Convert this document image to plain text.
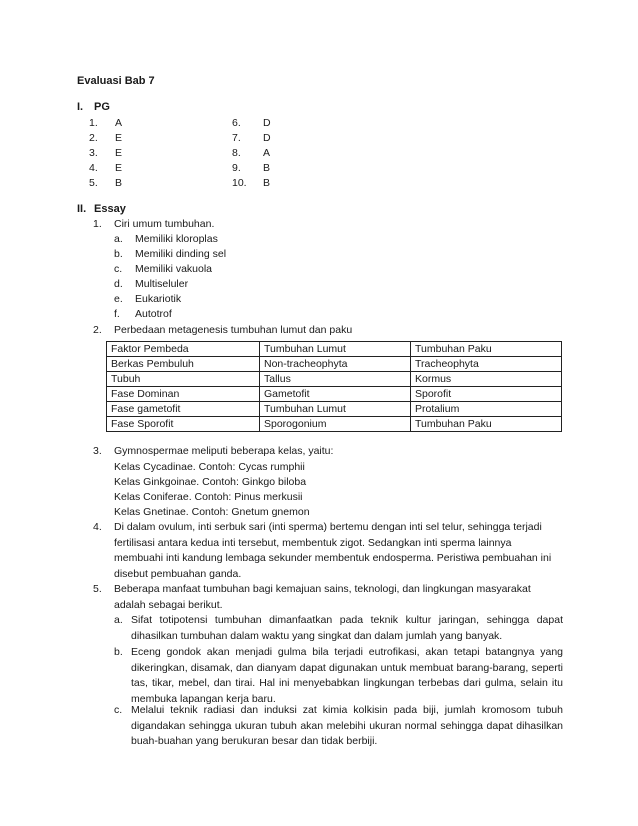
Evaluasi Bab 7
I. PG
1. A
2. E
3. E
4. E
5. B
6. D
7. D
8. A
9. B
10. B
II. Essay
1. Ciri umum tumbuhan.
a. Memiliki kloroplas
b. Memiliki dinding sel
c. Memiliki vakuola
d. Multiseluler
e. Eukariotik
f. Autotrof
2. Perbedaan metagenesis tumbuhan lumut dan paku
Faktor Pembeda	Tumbuhan Lumut	Tumbuhan Paku
Berkas Pembuluh	Non-tracheophyta	Tracheophyta
Tubuh	Tallus	Kormus
Fase Dominan	Gametofit	Sporofit
Fase gametofit	Tumbuhan Lumut	Protalium
Fase Sporofit	Sporogonium	Tumbuhan Paku
3. Gymnospermae meliputi beberapa kelas, yaitu:
Kelas Cycadinae. Contoh: Cycas rumphii
Kelas Ginkgoinae. Contoh: Ginkgo biloba
Kelas Coniferae. Contoh: Pinus merkusii
Kelas Gnetinae. Contoh: Gnetum gnemon
4. Di dalam ovulum, inti serbuk sari (inti sperma) bertemu dengan inti sel telur, sehingga terjadi fertilisasi antara kedua inti tersebut, membentuk zigot. Sedangkan inti sperma lainnya membuahi inti kandung lembaga sekunder membentuk endosperma. Peristiwa pembuahan ini disebut pembuahan ganda.
5. Beberapa manfaat tumbuhan bagi kemajuan sains, teknologi, dan lingkungan masyarakat adalah sebagai berikut.
a. Sifat totipotensi tumbuhan dimanfaatkan pada teknik kultur jaringan, sehingga dapat dihasilkan tumbuhan dalam waktu yang singkat dan dalam jumlah yang banyak.
b. Eceng gondok akan menjadi gulma bila terjadi eutrofikasi, akan tetapi batangnya yang dikeringkan, disamak, dan dianyam dapat digunakan untuk membuat barang-barang, seperti tas, tikar, mebel, dan tirai. Hal ini menyebabkan lingkungan terbebas dari gulma, selain itu membuka lapangan kerja baru.
c. Melalui teknik radiasi dan induksi zat kimia kolkisin pada biji, jumlah kromosom tubuh digandakan sehingga ukuran tubuh akan melebihi ukuran normal sehingga dapat dihasilkan buah-buahan yang berukuran besar dan tidak berbiji.
